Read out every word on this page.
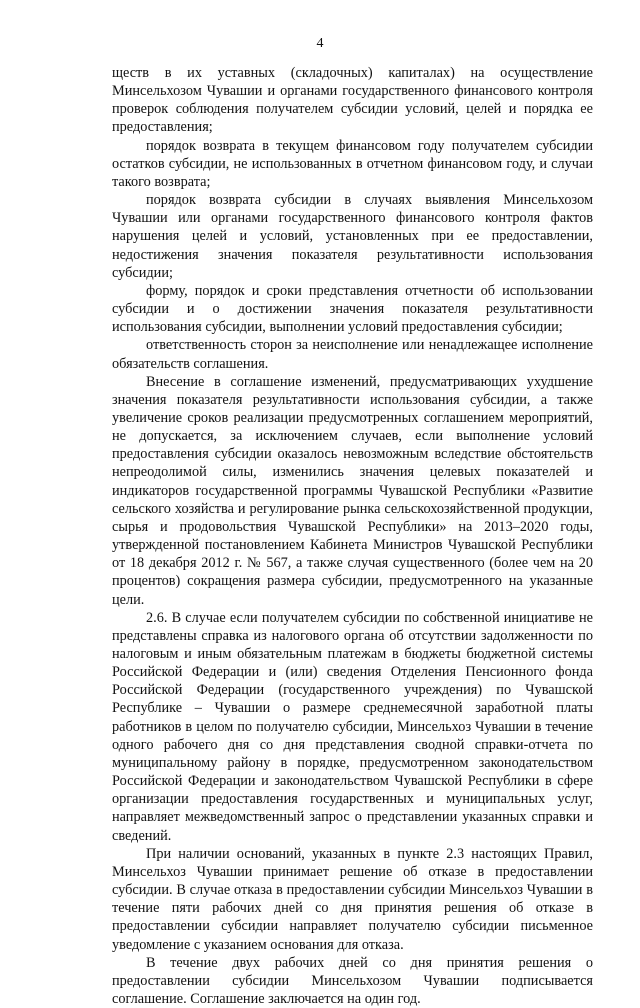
4

ществ в их уставных (складочных) капиталах) на осуществление Минсельхозом Чувашии и органами государственного финансового контроля проверок соблюдения получателем субсидии условий, целей и порядка ее предоставления;

порядок возврата в текущем финансовом году получателем субсидии остатков субсидии, не использованных в отчетном финансовом году, и случаи такого возврата;

порядок возврата субсидии в случаях выявления Минсельхозом Чувашии или органами государственного финансового контроля фактов нарушения целей и условий, установленных при ее предоставлении, недостижения значения показателя результативности использования субсидии;

форму, порядок и сроки представления отчетности об использовании субсидии и о достижении значения показателя результативности использования субсидии, выполнении условий предоставления субсидии;

ответственность сторон за неисполнение или ненадлежащее исполнение обязательств соглашения.

Внесение в соглашение изменений, предусматривающих ухудшение значения показателя результативности использования субсидии, а также увеличение сроков реализации предусмотренных соглашением мероприятий, не допускается, за исключением случаев, если выполнение условий предоставления субсидии оказалось невозможным вследствие обстоятельств непреодолимой силы, изменились значения целевых показателей и индикаторов государственной программы Чувашской Республики «Развитие сельского хозяйства и регулирование рынка сельскохозяйственной продукции, сырья и продовольствия Чувашской Республики» на 2013–2020 годы, утвержденной постановлением Кабинета Министров Чувашской Республики от 18 декабря 2012 г. № 567, а также случая существенного (более чем на 20 процентов) сокращения размера субсидии, предусмотренного на указанные цели.

2.6. В случае если получателем субсидии по собственной инициативе не представлены справка из налогового органа об отсутствии задолженности по налоговым и иным обязательным платежам в бюджеты бюджетной системы Российской Федерации и (или) сведения Отделения Пенсионного фонда Российской Федерации (государственного учреждения) по Чувашской Республике – Чувашии о размере среднемесячной заработной платы работников в целом по получателю субсидии, Минсельхоз Чувашии в течение одного рабочего дня со дня представления сводной справки-отчета по муниципальному району в порядке, предусмотренном законодательством Российской Федерации и законодательством Чувашской Республики в сфере организации предоставления государственных и муниципальных услуг, направляет межведомственный запрос о представлении указанных справки и сведений.

При наличии оснований, указанных в пункте 2.3 настоящих Правил, Минсельхоз Чувашии принимает решение об отказе в предоставлении субсидии. В случае отказа в предоставлении субсидии Минсельхоз Чувашии в течение пяти рабочих дней со дня принятия решения об отказе в предоставлении субсидии направляет получателю субсидии письменное уведомление с указанием основания для отказа.

В течение двух рабочих дней со дня принятия решения о предоставлении субсидии Минсельхозом Чувашии подписывается соглашение. Соглашение заключается на один год.
